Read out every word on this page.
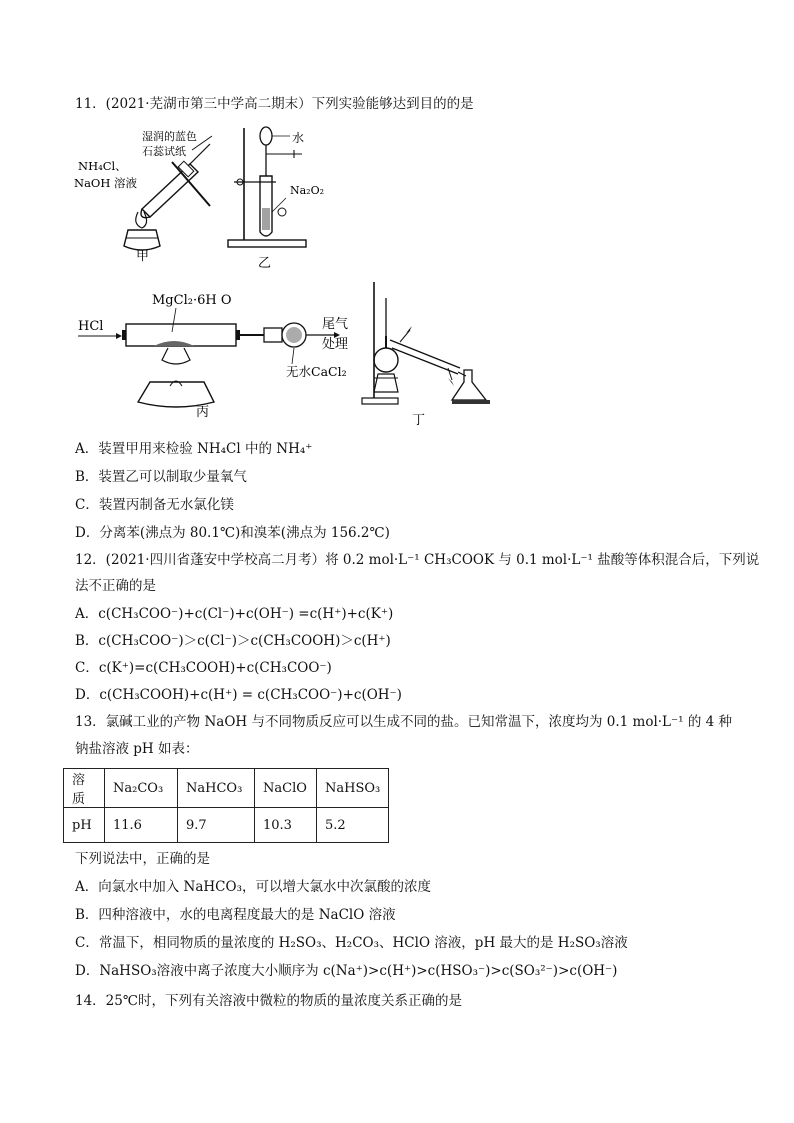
11．(2021·芜湖市第三中学高二期末）下列实验能够达到目的的是
湿润的蓝色
石蕊试纸
NH₄Cl、
NaOH 溶液
甲
水
Na₂O₂
乙
HCl
MgCl₂·6H O
无水CaCl₂
尾气
处理
丙
丁
A．装置甲用来检验 NH₄Cl 中的 NH₄⁺
B．装置乙可以制取少量氧气
C．装置丙制备无水氯化镁
D．分离苯(沸点为 80.1℃)和溴苯(沸点为 156.2℃)
12．(2021·四川省蓬安中学校高二月考）将 0.2 mol·L⁻¹ CH₃COOK 与 0.1 mol·L⁻¹ 盐酸等体积混合后，下列说
法不正确的是
A．c(CH₃COO⁻)+c(Cl⁻)+c(OH⁻) =c(H⁺)+c(K⁺)
B．c(CH₃COO⁻)＞c(Cl⁻)＞c(CH₃COOH)＞c(H⁺)
C．c(K⁺)=c(CH₃COOH)+c(CH₃COO⁻)
D．c(CH₃COOH)+c(H⁺) = c(CH₃COO⁻)+c(OH⁻)
13．氯碱工业的产物 NaOH 与不同物质反应可以生成不同的盐。已知常温下，浓度均为 0.1 mol·L⁻¹ 的 4 种
钠盐溶液 pH 如表：
溶质	Na₂CO₃	NaHCO₃	NaClO	NaHSO₃
pH	11.6	9.7	10.3	5.2
下列说法中，正确的是
A．向氯水中加入 NaHCO₃，可以增大氯水中次氯酸的浓度
B．四种溶液中，水的电离程度最大的是 NaClO 溶液
C．常温下，相同物质的量浓度的 H₂SO₃、H₂CO₃、HClO 溶液，pH 最大的是 H₂SO₃溶液
D．NaHSO₃溶液中离子浓度大小顺序为 c(Na⁺)>c(H⁺)>c(HSO₃⁻)>c(SO₃²⁻)>c(OH⁻)
14．25℃时，下列有关溶液中微粒的物质的量浓度关系正确的是
